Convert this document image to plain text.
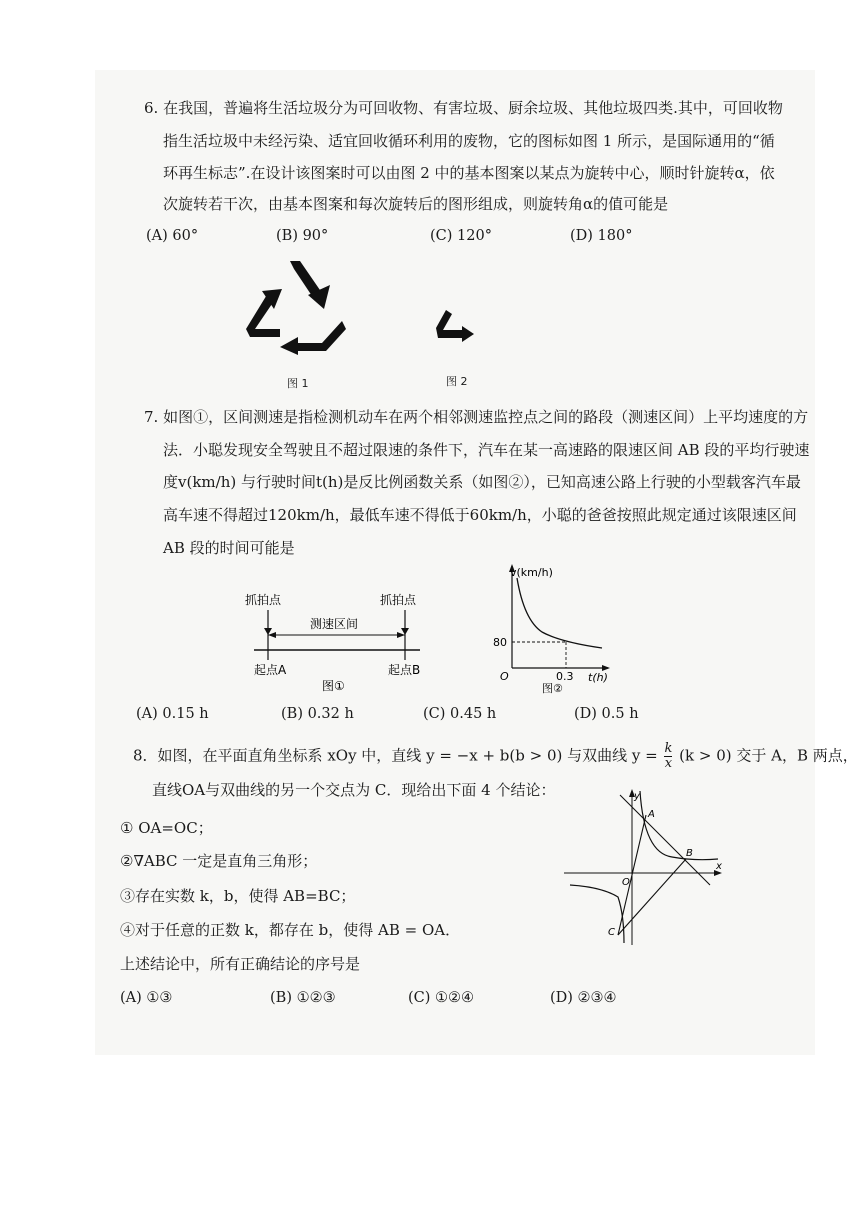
6. 在我国，普遍将生活垃圾分为可回收物、有害垃圾、厨余垃圾、其他垃圾四类.其中，可回收物
指生活垃圾中未经污染、适宜回收循环利用的废物，它的图标如图 1 所示，是国际通用的“循
环再生标志”.在设计该图案时可以由图 2 中的基本图案以某点为旋转中心，顺时针旋转α，依
次旋转若干次，由基本图案和每次旋转后的图形组成，则旋转角α的值可能是
(A) 60°	(B) 90°	(C) 120°	(D) 180°
图 1	图 2
7. 如图①，区间测速是指检测机动车在两个相邻测速监控点之间的路段（测速区间）上平均速度的方
法．小聪发现安全驾驶且不超过限速的条件下，汽车在某一高速路的限速区间 AB 段的平均行驶速
度v(km/h) 与行驶时间t(h)是反比例函数关系（如图②），已知高速公路上行驶的小型载客汽车最
高车速不得超过120km/h，最低车速不得低于60km/h，小聪的爸爸按照此规定通过该限速区间
AB 段的时间可能是
抓拍点	抓拍点
测速区间
起点A	起点B
图①
v(km/h)
t(h)
O
80
0.3
图②
(A) 0.15 h	(B) 0.32 h	(C) 0.45 h	(D) 0.5 h
8．如图，在平面直角坐标系 xOy 中，直线 y = −x + b(b > 0) 与双曲线 $y = \frac{k}{x} (k > 0)$ 交于 A，B 两点，
直线OA与双曲线的另一个交点为 C．现给出下面 4 个结论：
① OA=OC；
②∇ABC 一定是直角三角形；
③存在实数 k，b，使得 AB=BC；
④对于任意的正数 k，都存在 b，使得 AB = OA．
上述结论中，所有正确结论的序号是
(A) ①③	(B) ①②③	(C) ①②④	(D) ②③④
y
x
O
A
B
C
